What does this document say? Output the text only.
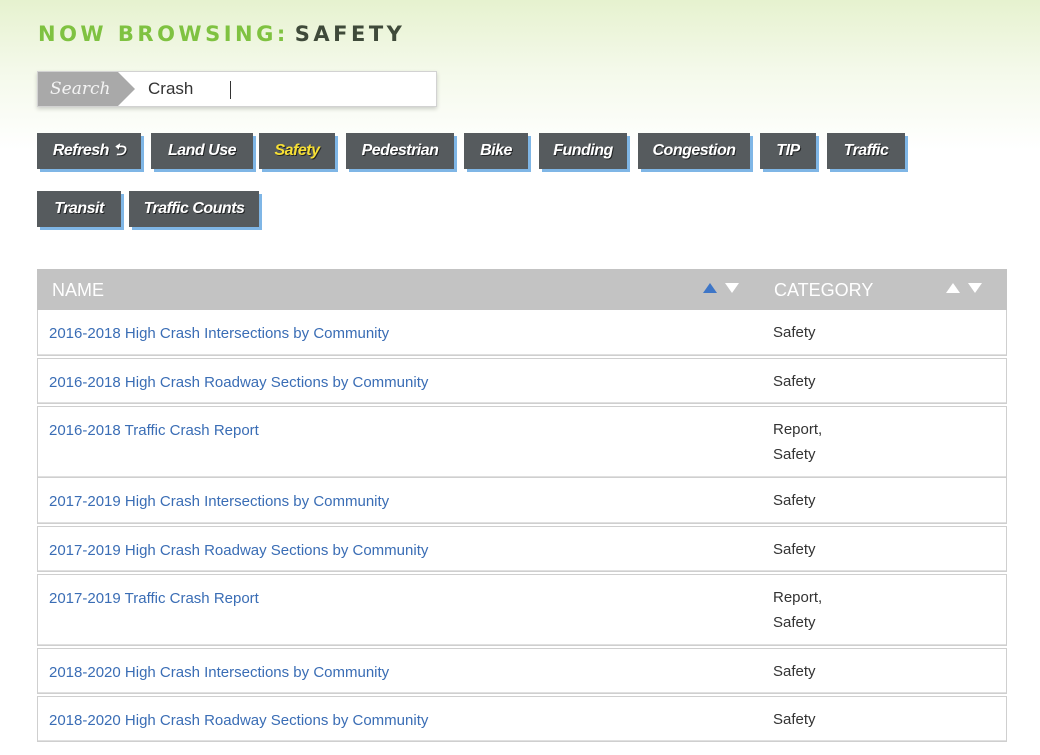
NOW BROWSING: SAFETY
Search
Crash
Refresh ⮌	Land Use	Safety	Pedestrian	Bike	Funding	Congestion	TIP	Traffic
Transit	Traffic Counts
NAME	CATEGORY
2016-2018 High Crash Intersections by Community	Safety
2016-2018 High Crash Roadway Sections by Community	Safety
2016-2018 Traffic Crash Report	Report,
Safety
2017-2019 High Crash Intersections by Community	Safety
2017-2019 High Crash Roadway Sections by Community	Safety
2017-2019 Traffic Crash Report	Report,
Safety
2018-2020 High Crash Intersections by Community	Safety
2018-2020 High Crash Roadway Sections by Community	Safety
